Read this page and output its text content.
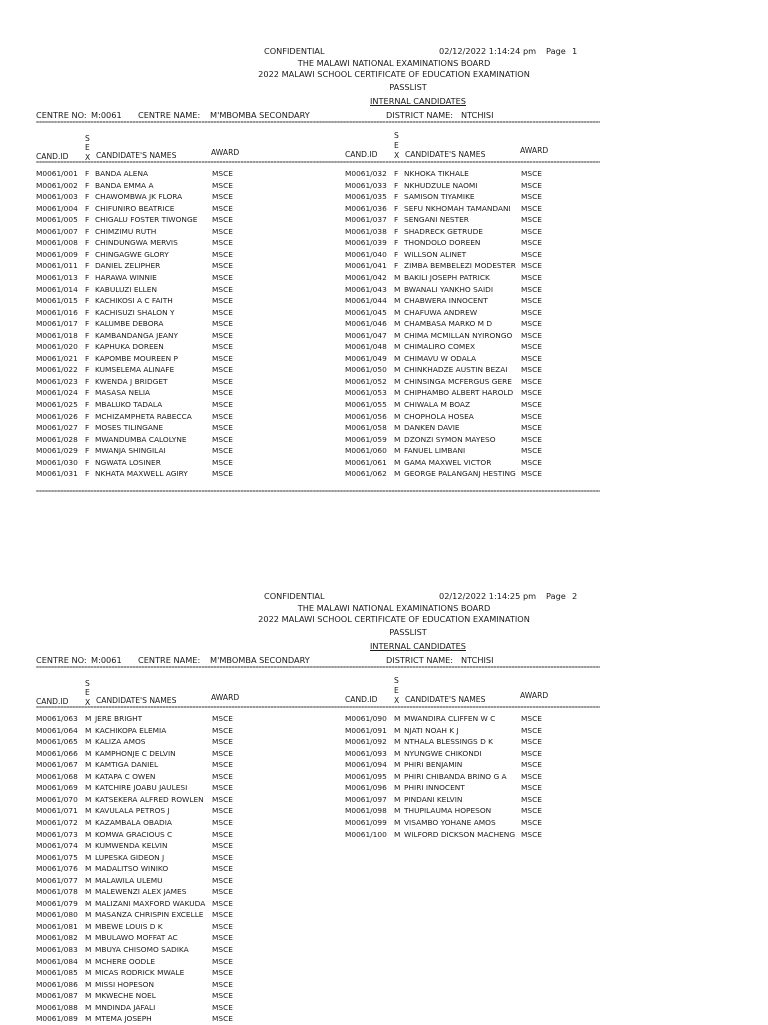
CONFIDENTIAL	02/12/2022 1:14:24 pm Page 1
THE MALAWI NATIONAL EXAMINATIONS BOARD
2022 MALAWI SCHOOL CERTIFICATE OF EDUCATION EXAMINATION
PASSLIST
INTERNAL CANDIDATES
CENTRE NO: M:0061 CENTRE NAME: M'MBOMBA SECONDARY	DISTRICT NAME: NTCHISI
=====
S
E
X
CAND.ID	CANDIDATE'S NAMES	AWARD
S
E
X
CAND.ID	CANDIDATE'S NAMES	AWARD
=====
M0061/001 F BANDA ALENA	MSCE
M0061/002 F BANDA EMMA A	MSCE
M0061/003 F CHAWOMBWA JK FLORA	MSCE
M0061/004 F CHIFUNIRO BEATRICE	MSCE
M0061/005 F CHIGALU FOSTER TIWONGE MSCE
M0061/007 F CHIMZIMU RUTH	MSCE
M0061/008 F CHINDUNGWA MERVIS	MSCE
M0061/009 F CHINGAGWE GLORY	MSCE
M0061/011 F DANIEL ZELIPHER	MSCE
M0061/013 F HARAWA WINNIE	MSCE
M0061/014 F KABULUZI ELLEN	MSCE
M0061/015 F KACHIKOSI A C FAITH	MSCE
M0061/016 F KACHISUZI SHALON Y	MSCE
M0061/017 F KALUMBE DEBORA	MSCE
M0061/018 F KAMBANDANGA JEANY	MSCE
M0061/020 F KAPHUKA DOREEN	MSCE
M0061/021 F KAPOMBE MOUREEN P	MSCE
M0061/022 F KUMSELEMA ALINAFE	MSCE
M0061/023 F KWENDA J BRIDGET	MSCE
M0061/024 F MASASA NELIA	MSCE
M0061/025 F MBALUKO TADALA	MSCE
M0061/026 F MCHIZAMPHETA RABECCA	MSCE
M0061/027 F MOSES TILINGANE	MSCE
M0061/028 F MWANDUMBA CALOLYNE	MSCE
M0061/029 F MWANJA SHINGILAI	MSCE
M0061/030 F NGWATA LOSINER	MSCE
M0061/031 F NKHATA MAXWELL AGIRY	MSCE
M0061/032 F NKHOKA TIKHALE	MSCE
M0061/033 F NKHUDZULE NAOMI	MSCE
M0061/035 F SAMISON TIYAMIKE	MSCE
M0061/036 F SEFU NKHOMAH TAMANDANI MSCE
M0061/037 F SENGANI NESTER	MSCE
M0061/038 F SHADRECK GETRUDE	MSCE
M0061/039 F THONDOLO DOREEN	MSCE
M0061/040 F WILLSON ALINET	MSCE
M0061/041 F ZIMBA BEMBELEZI MODESTER MSCE
M0061/042 M BAKILI JOSEPH PATRICK	MSCE
M0061/043 M BWANALI YANKHO SAIDI	MSCE
M0061/044 M CHABWERA INNOCENT	MSCE
M0061/045 M CHAFUWA ANDREW	MSCE
M0061/046 M CHAMBASA MARKO M D	MSCE
M0061/047 M CHIMA MCMILLAN NYIRONGO MSCE
M0061/048 M CHIMALIRO COMEX	MSCE
M0061/049 M CHIMAVU W ODALA	MSCE
M0061/050 M CHINKHADZE AUSTIN BEZAI MSCE
M0061/052 M CHINSINGA MCFERGUS GERE MSCE
M0061/053 M CHIPHAMBO ALBERT HAROLD MSCE
M0061/055 M CHIWALA M BOAZ	MSCE
M0061/056 M CHOPHOLA HOSEA	MSCE
M0061/058 M DANKEN DAVIE	MSCE
M0061/059 M DZONZI SYMON MAYESO	MSCE
M0061/060 M FANUEL LIMBANI	MSCE
M0061/061 M GAMA MAXWEL VICTOR	MSCE
M0061/062 M GEORGE PALANGANJ HESTING MSCE
=====
CONFIDENTIAL	02/12/2022 1:14:25 pm Page 2
THE MALAWI NATIONAL EXAMINATIONS BOARD
2022 MALAWI SCHOOL CERTIFICATE OF EDUCATION EXAMINATION
PASSLIST
INTERNAL CANDIDATES
CENTRE NO: M:0061 CENTRE NAME: M'MBOMBA SECONDARY	DISTRICT NAME: NTCHISI
=====
S
E
X
CAND.ID	CANDIDATE'S NAMES	AWARD
S
E
X
CAND.ID	CANDIDATE'S NAMES	AWARD
=====
M0061/063 M JERE BRIGHT	MSCE
M0061/064 M KACHIKOPA ELEMIA	MSCE
M0061/065 M KALIZA AMOS	MSCE
M0061/066 M KAMPHONJE C DELVIN	MSCE
M0061/067 M KAMTIGA DANIEL	MSCE
M0061/068 M KATAPA C OWEN	MSCE
M0061/069 M KATCHIRE JOABU JAULESI	MSCE
M0061/070 M KATSEKERA ALFRED ROWLEN MSCE
M0061/071 M KAVULALA PETROS J	MSCE
M0061/072 M KAZAMBALA OBADIA	MSCE
M0061/073 M KOMWA GRACIOUS C	MSCE
M0061/074 M KUMWENDA KELVIN	MSCE
M0061/075 M LUPESKA GIDEON J	MSCE
M0061/076 M MADALITSO WINIKO	MSCE
M0061/077 M MALAWILA ULEMU	MSCE
M0061/078 M MALEWENZI ALEX JAMES	MSCE
M0061/079 M MALIZANI MAXFORD WAKUDA MSCE
M0061/080 M MASANZA CHRISPIN EXCELLE MSCE
M0061/081 M MBEWE LOUIS D K	MSCE
M0061/082 M MBULAWO MOFFAT AC	MSCE
M0061/083 M MBUYA CHISOMO SADIKA	MSCE
M0061/084 M MCHERE OODLE	MSCE
M0061/085 M MICAS RODRICK MWALE	MSCE
M0061/086 M MISSI HOPESON	MSCE
M0061/087 M MKWECHE NOEL	MSCE
M0061/088 M MNDINDA JAFALI	MSCE
M0061/089 M MTEMA JOSEPH	MSCE
M0061/090 M MWANDIRA CLIFFEN W C	MSCE
M0061/091 M NJATI NOAH K J	MSCE
M0061/092 M NTHALA BLESSINGS D K	MSCE
M0061/093 M NYUNGWE CHIKONDI	MSCE
M0061/094 M PHIRI BENJAMIN	MSCE
M0061/095 M PHIRI CHIBANDA BRINO G A MSCE
M0061/096 M PHIRI INNOCENT	MSCE
M0061/097 M PINDANI KELVIN	MSCE
M0061/098 M THUPILAUMA HOPESON	MSCE
M0061/099 M VISAMBO YOHANE AMOS	MSCE
M0061/100 M WILFORD DICKSON MACHENG MSCE
